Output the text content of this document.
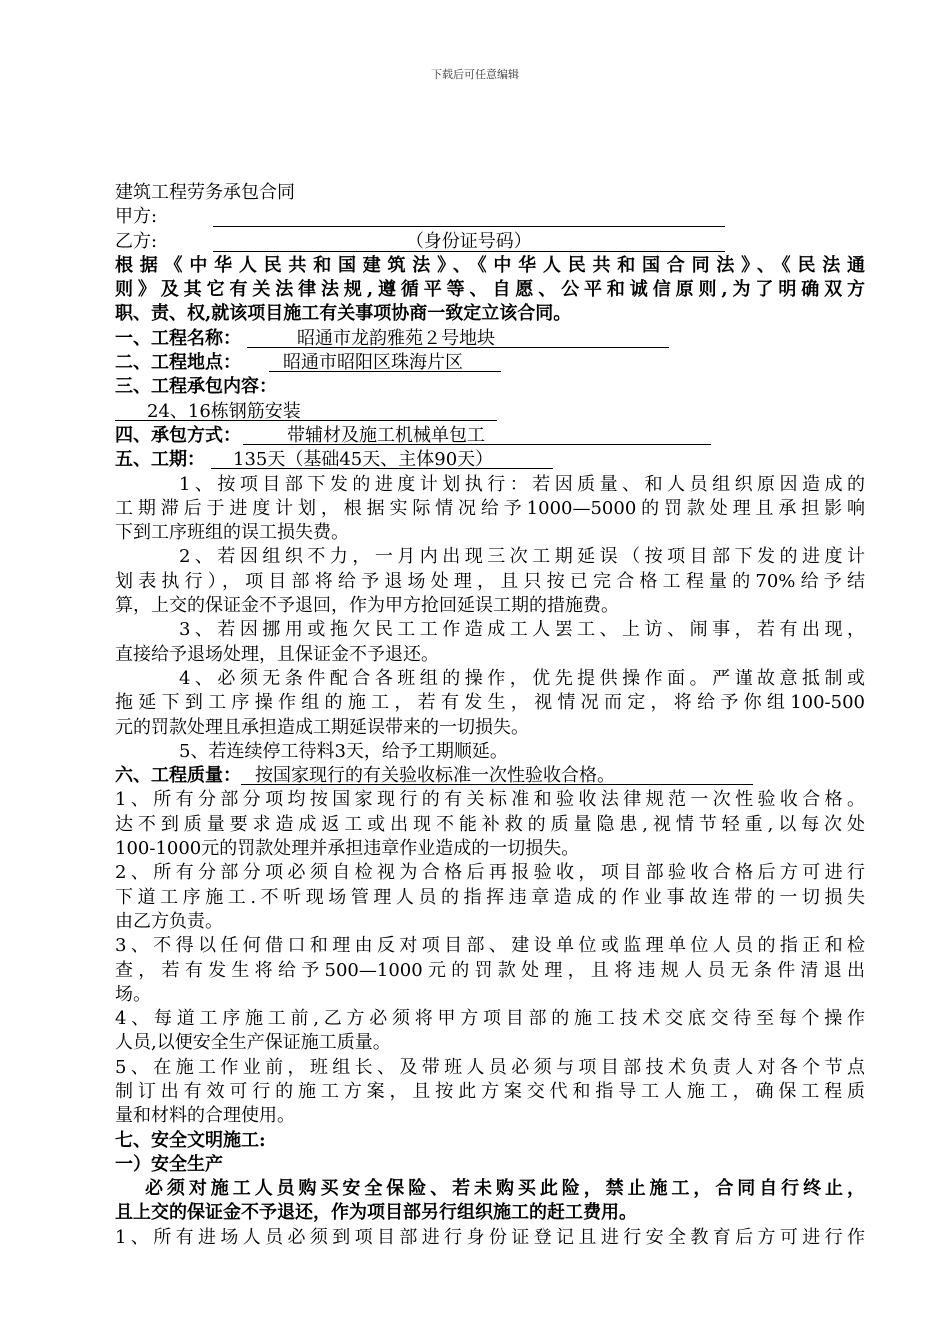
下载后可任意编辑
建筑工程劳务承包合同
甲方:
乙方:	（身份证号码）
根据《中华人民共和国建筑法》、《中华人民共和国合同法》、《民法通
则》及其它有关法律法规,遵循平等、自愿、公平和诚信原则,为了明确双方
职、责、权,就该项目施工有关事项协商一致定立该合同。
一、工程名称：	昭通市龙韵雅苑２号地块
二、工程地点： 昭通市昭阳区珠海片区
三、工程承包内容：
24、16栋钢筋安装
四、承包方式：	带辅材及施工机械单包工
五、工期： 135天（基础45天、主体90天）
1、按项目部下发的进度计划执行：若因质量、和人员组织原因造成的
工期滞后于进度计划，根据实际情况给予1000—5000的罚款处理且承担影响
下到工序班组的误工损失费。
2、若因组织不力，一月内出现三次工期延误（按项目部下发的进度计
划表执行），项目部将给予退场处理，且只按已完合格工程量的70%给予结
算，上交的保证金不予退回，作为甲方抢回延误工期的措施费。
3、若因挪用或拖欠民工工作造成工人罢工、上访、闹事，若有出现，
直接给予退场处理，且保证金不予退还。
4、必须无条件配合各班组的操作，优先提供操作面。严谨故意抵制或
拖延下到工序操作组的施工，若有发生，视情况而定，将给予你组100-500
元的罚款处理且承担造成工期延误带来的一切损失。
5、若连续停工待料3天，给予工期顺延。
六、工程质量： 按国家现行的有关验收标准一次性验收合格。
1、所有分部分项均按国家现行的有关标准和验收法律规范一次性验收合格。
达不到质量要求造成返工或出现不能补救的质量隐患,视情节轻重,以每次处
100-1000元的罚款处理并承担违章作业造成的一切损失。
2、所有分部分项必须自检视为合格后再报验收，项目部验收合格后方可进行
下道工序施工.不听现场管理人员的指挥违章造成的作业事故连带的一切损失
由乙方负责。
3、不得以任何借口和理由反对项目部、建设单位或监理单位人员的指正和检
查，若有发生将给予500—1000元的罚款处理，且将违规人员无条件清退出
场。
4、每道工序施工前,乙方必须将甲方项目部的施工技术交底交待至每个操作
人员,以便安全生产保证施工质量。
5、在施工作业前，班组长、及带班人员必须与项目部技术负责人对各个节点
制订出有效可行的施工方案，且按此方案交代和指导工人施工，确保工程质
量和材料的合理使用。
七、安全文明施工:
一）安全生产
必须对施工人员购买安全保险、若未购买此险，禁止施工，合同自行终止，
且上交的保证金不予退还，作为项目部另行组织施工的赶工费用。
1、所有进场人员必须到项目部进行身份证登记且进行安全教育后方可进行作
